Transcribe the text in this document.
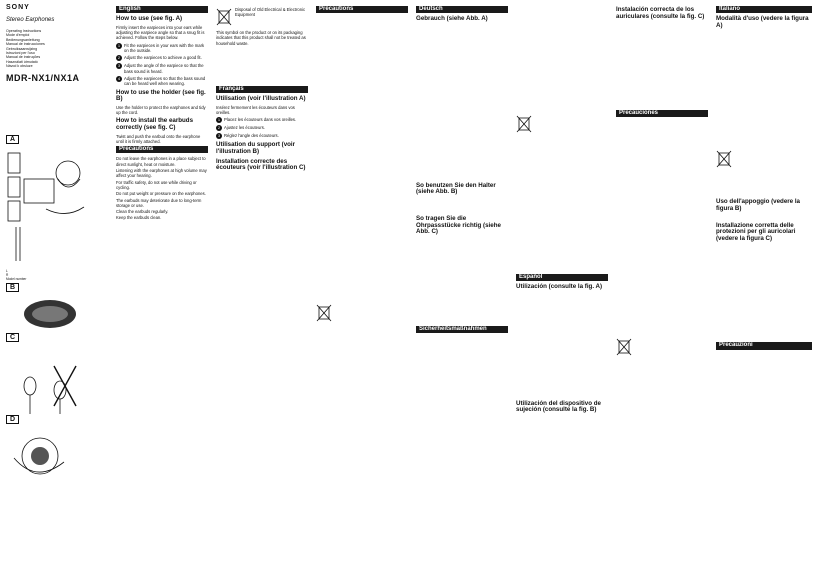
SONY

Stereo Earphones
Operating Instructions
Mode d'emploi
Bedienungsanleitung
Manual de instrucciones
Gebruiksaanwijzing
Istruzioni per l'uso
Manual de instruções
Használati útmutató
Návod k obsluze
MDR-NX1/NX1A

A
L
R
Model number
B
C
D
English
How to use (see fig. A)
Firmly insert the earpieces into your ears while adjusting the earpiece angle so that a snug fit is achieved. Follow the steps below.
1 Fit the earpieces in your ears with the mark on the outside.
2 Adjust the earpieces to achieve a good fit.
3 Adjust the angle of the earpiece so that the bass sound is heard.
4 Adjust the earpieces so that the bass sound can be heard well when wearing.
How to use the holder (see fig. B)
Use the holder to protect the earphones and tidy up the cord.
How to install the earbuds correctly (see fig. C)
Twist and push the earbud onto the earphone until it is firmly attached.
Precautions
Do not leave the earphones in a place subject to direct sunlight, heat or moisture.
Listening with the earphones at high volume may affect your hearing.
For traffic safety, do not use while driving or cycling.
Do not put weight or pressure on the earphones.
The earbuds may deteriorate due to long-term storage or use.
Clean the earbuds regularly.
Keep the earbuds clean.
Disposal of Old Electrical & Electronic Equipment
This symbol on the product or on its packaging indicates that this product shall not be treated as household waste.
Français
Utilisation (voir l'illustration A)
Insérez fermement les écouteurs dans vos oreilles.
1 Placez les écouteurs dans vos oreilles.
2 Ajustez les écouteurs.
3 Réglez l'angle des écouteurs.
Utilisation du support (voir l'illustration B)
Installation correcte des écouteurs (voir l'illustration C)
Précautions	Deutsch
Gebrauch (siehe Abb. A)
So benutzen Sie den Halter (siehe Abb. B)
So tragen Sie die Ohrpassstücke richtig (siehe Abb. C)
Sicherheitsmaßnahmen
Español
Utilización (consulte la fig. A)
Utilización del dispositivo de sujeción (consulte la fig. B)
Instalación correcta de los auriculares (consulte la fig. C)
Precauciones
Italiano
Modalità d'uso (vedere la figura A)
Uso dell'appoggio (vedere la figura B)
Installazione corretta delle protezioni per gli auricolari (vedere la figura C)
Precauzioni
